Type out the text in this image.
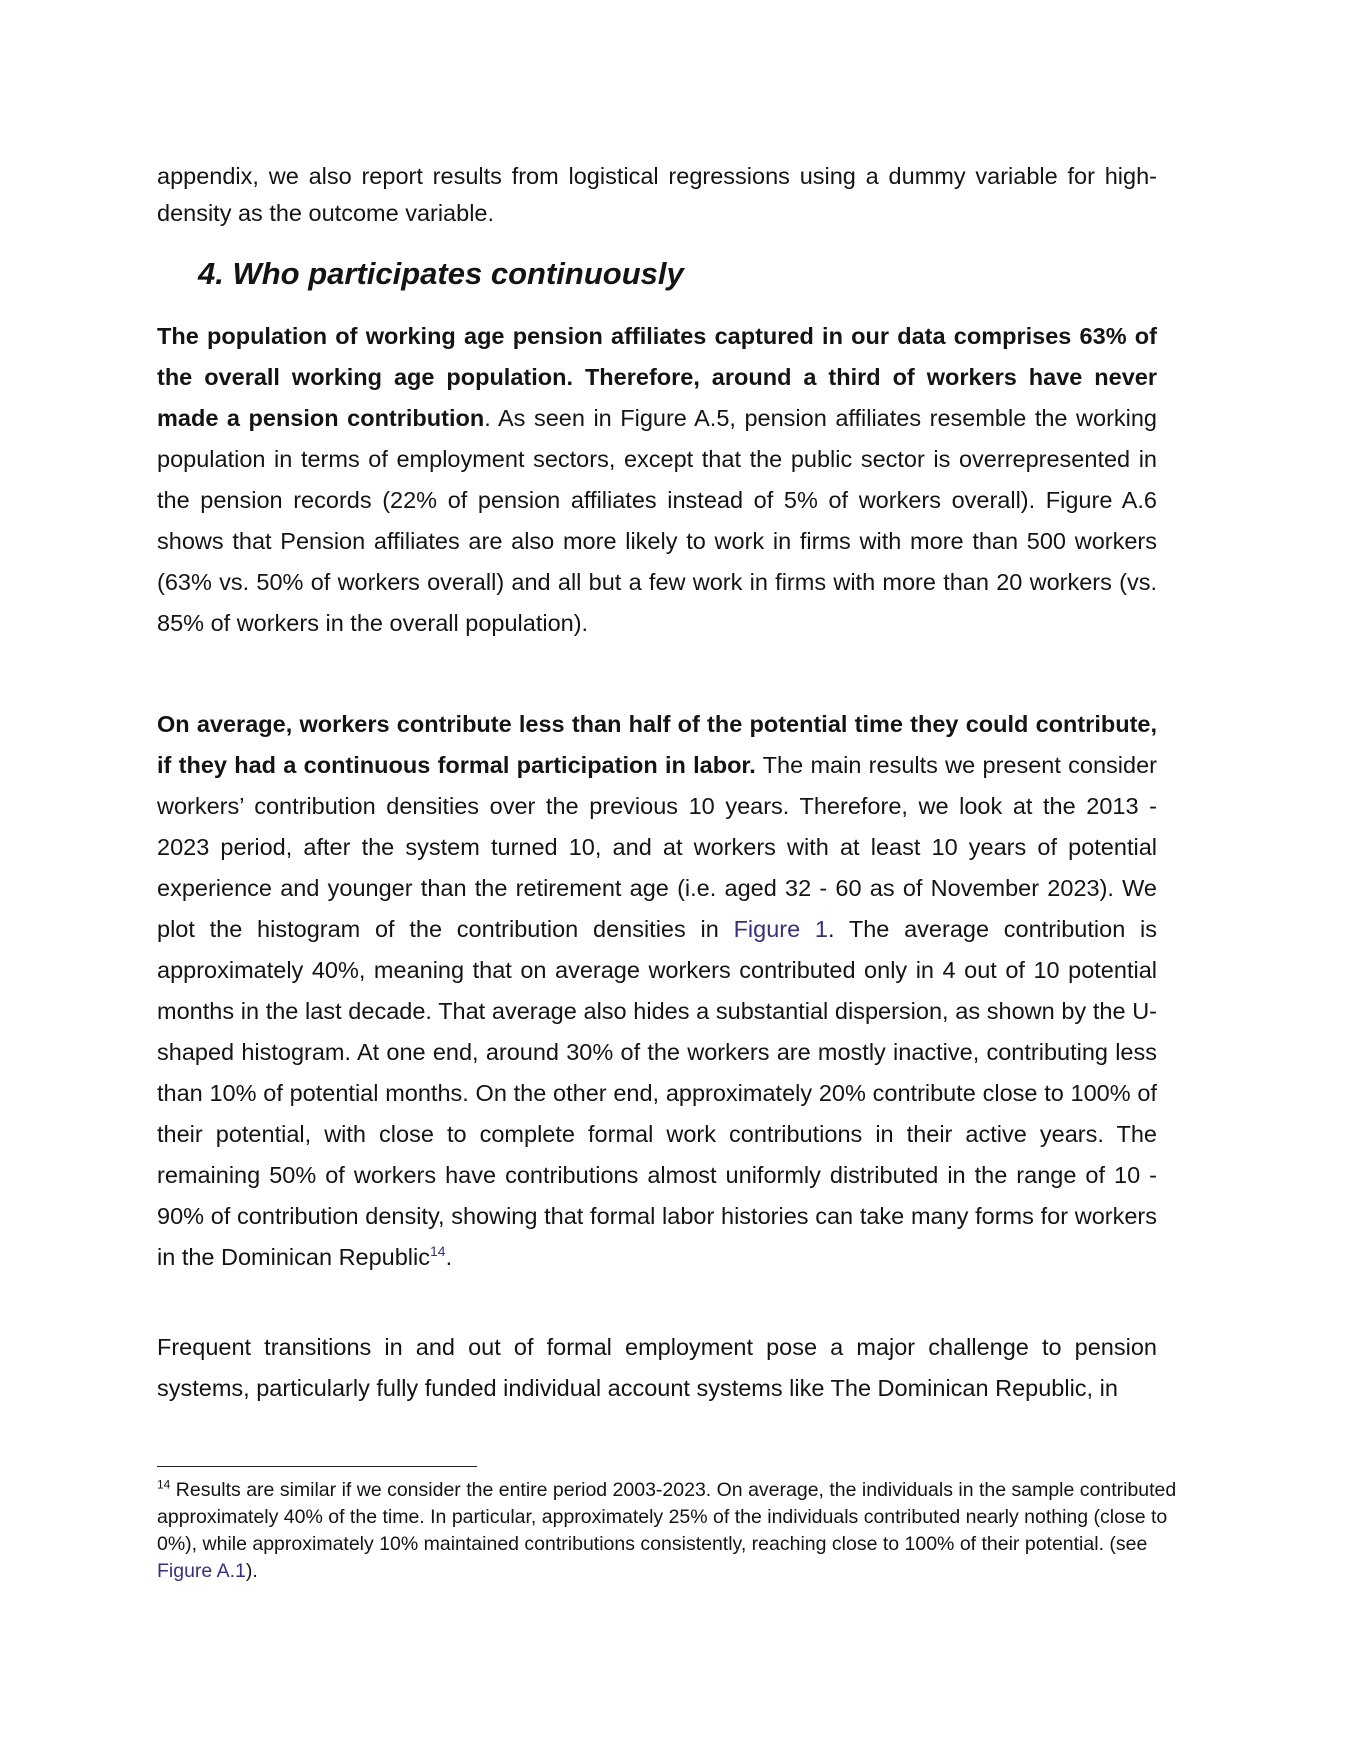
appendix, we also report results from logistical regressions using a dummy variable for high-density as the outcome variable.

4. Who participates continuously

The population of working age pension affiliates captured in our data comprises 63% of the overall working age population. Therefore, around a third of workers have never made a pension contribution. As seen in Figure A.5, pension affiliates resemble the working population in terms of employment sectors, except that the public sector is overrepresented in the pension records (22% of pension affiliates instead of 5% of workers overall). Figure A.6 shows that Pension affiliates are also more likely to work in firms with more than 500 workers (63% vs. 50% of workers overall) and all but a few work in firms with more than 20 workers (vs. 85% of workers in the overall population).

On average, workers contribute less than half of the potential time they could contribute, if they had a continuous formal participation in labor. The main results we present consider workers’ contribution densities over the previous 10 years. Therefore, we look at the 2013 - 2023 period, after the system turned 10, and at workers with at least 10 years of potential experience and younger than the retirement age (i.e. aged 32 - 60 as of November 2023). We plot the histogram of the contribution densities in Figure 1. The average contribution is approximately 40%, meaning that on average workers contributed only in 4 out of 10 potential months in the last decade. That average also hides a substantial dispersion, as shown by the U-shaped histogram. At one end, around 30% of the workers are mostly inactive, contributing less than 10% of potential months. On the other end, approximately 20% contribute close to 100% of their potential, with close to complete formal work contributions in their active years. The remaining 50% of workers have contributions almost uniformly distributed in the range of 10 - 90% of contribution density, showing that formal labor histories can take many forms for workers in the Dominican Republic$^{14}$.

Frequent transitions in and out of formal employment pose a major challenge to pension systems, particularly fully funded individual account systems like The Dominican Republic, in

$^{14}$ Results are similar if we consider the entire period 2003-2023. On average, the individuals in the sample contributed approximately 40% of the time. In particular, approximately 25% of the individuals contributed nearly nothing (close to 0%), while approximately 10% maintained contributions consistently, reaching close to 100% of their potential. (see Figure A.1).
